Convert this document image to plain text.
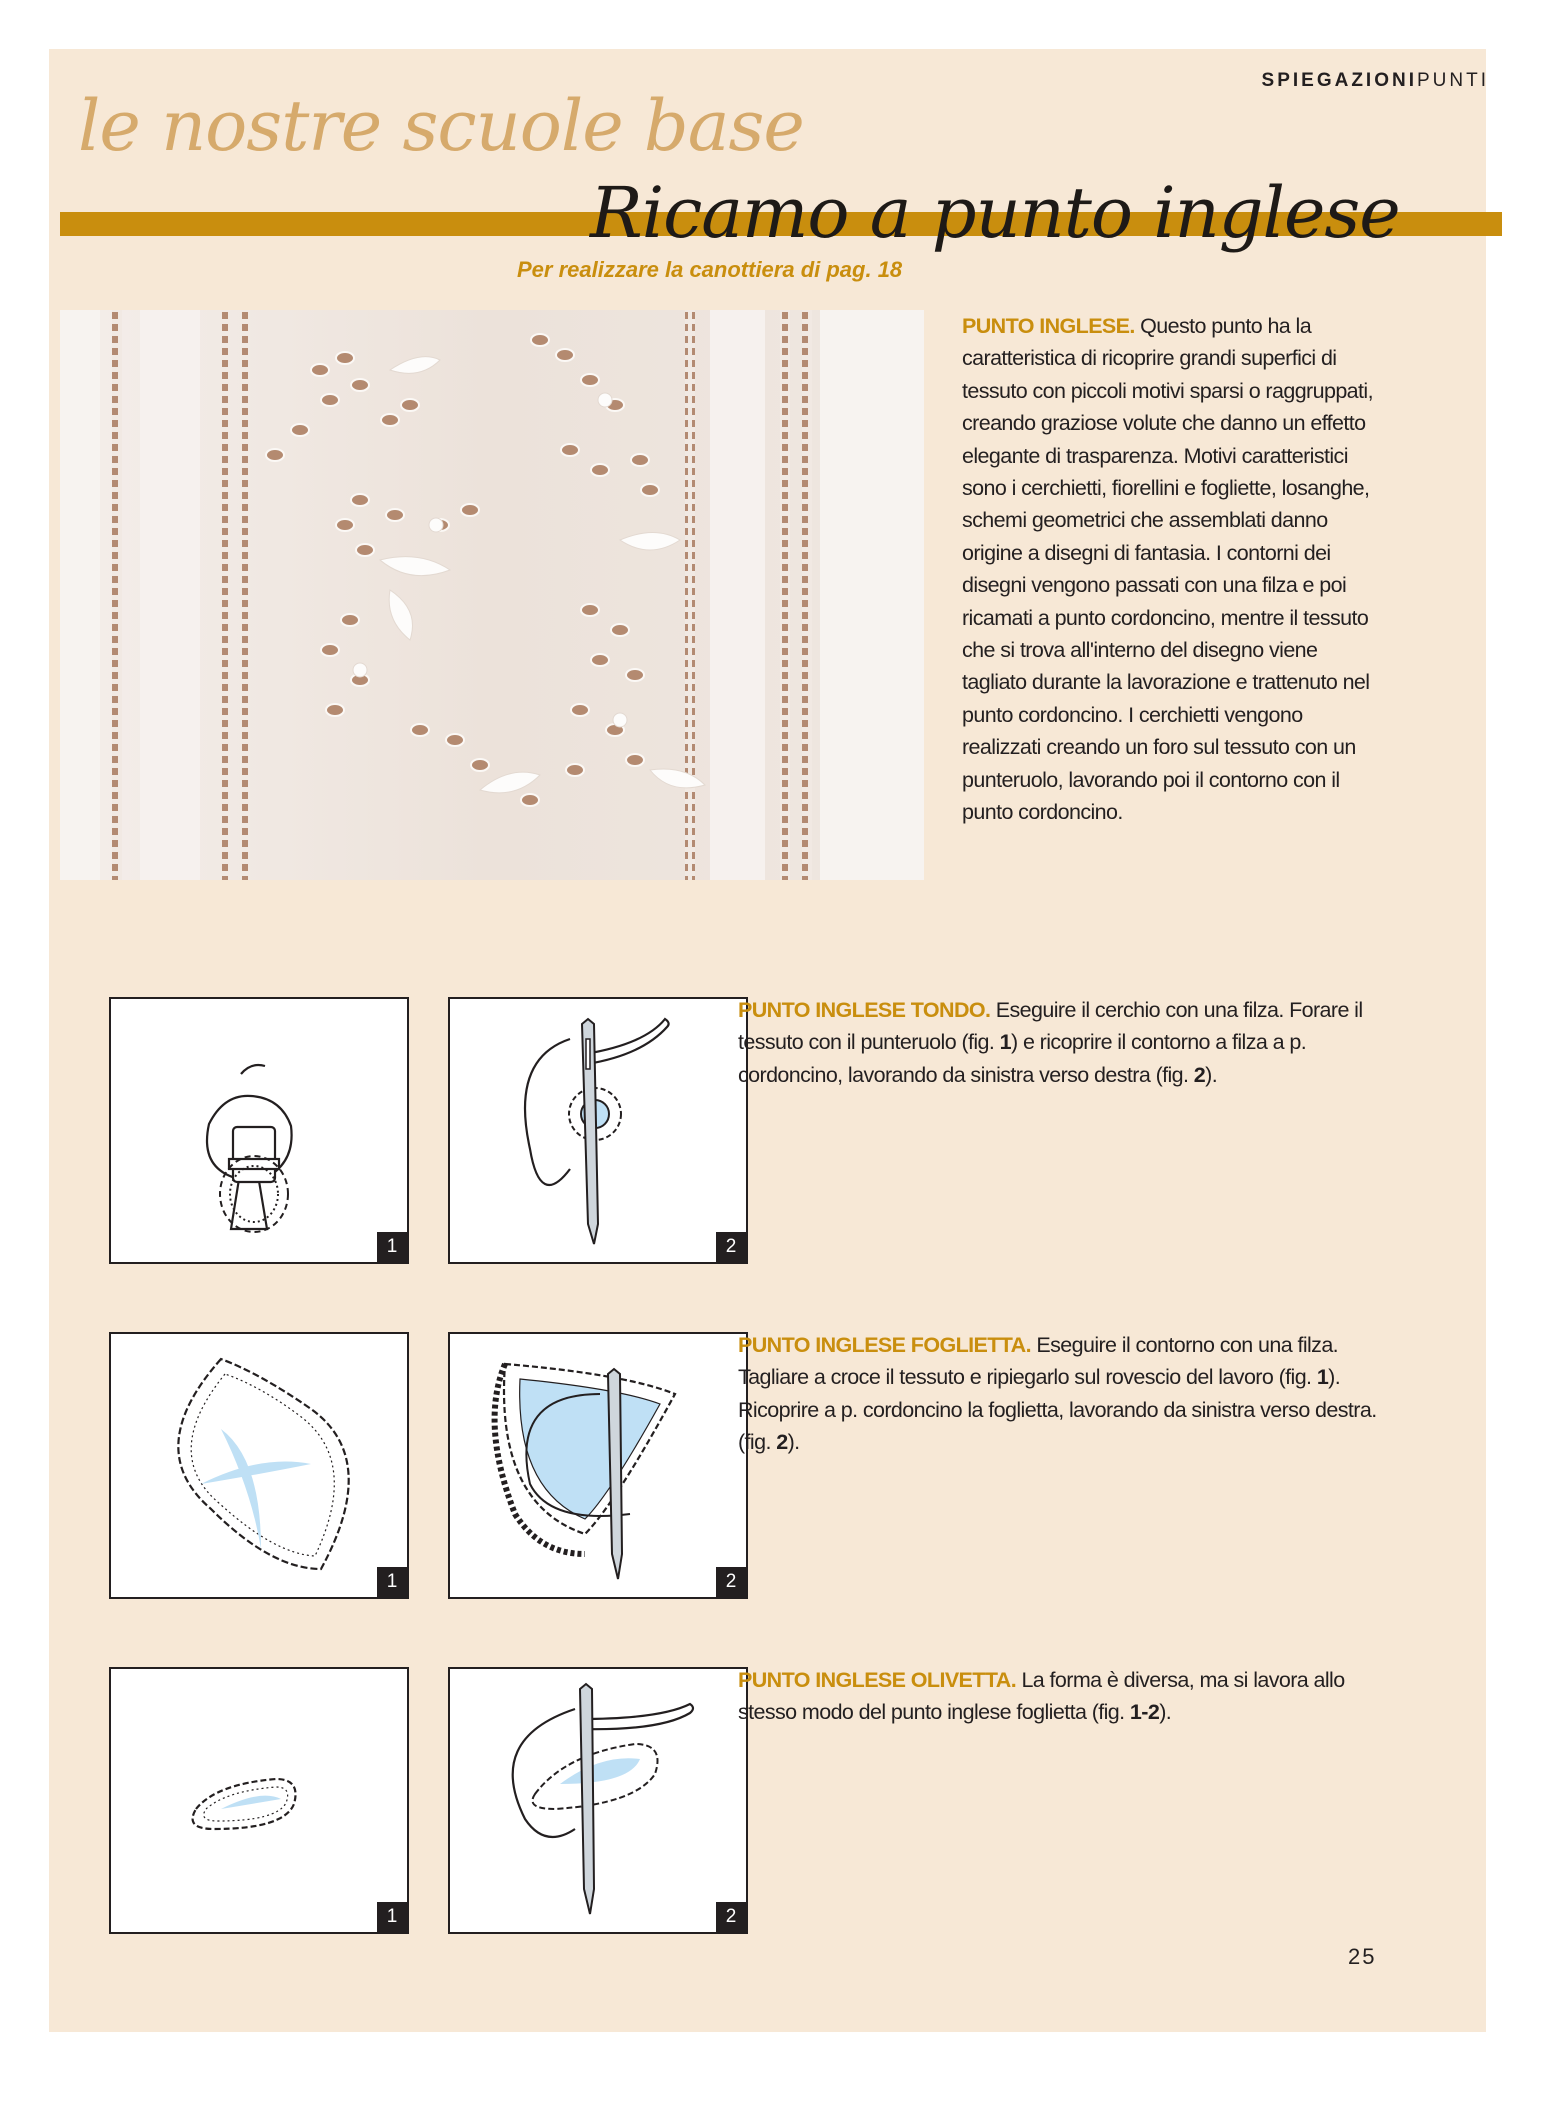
SPIEGAZIONIPUNTI
le nostre scuole base
Ricamo a punto inglese
Per realizzare la canottiera di pag. 18
PUNTO INGLESE. Questo punto ha la caratteristica di ricoprire grandi superfici di tessuto con piccoli motivi sparsi o raggruppati, creando graziose volute che danno un effetto elegante di trasparenza. Motivi caratteristici sono i cerchietti, fiorellini e fogliette, losanghe, schemi geometrici che assemblati danno origine a disegni di fantasia. I contorni dei disegni vengono passati con una filza e poi ricamati a punto cordoncino, mentre il tessuto che si trova all'interno del disegno viene tagliato durante la lavorazione e trattenuto nel punto cordoncino. I cerchietti vengono realizzati creando un foro sul tessuto con un punteruolo, lavorando poi il contorno con il punto cordoncino.
1	2
PUNTO INGLESE TONDO. Eseguire il cerchio con una filza. Forare il tessuto con il punteruolo (fig. 1) e ricoprire il contorno a filza a p. cordoncino, lavorando da sinistra verso destra (fig. 2).
1	2
PUNTO INGLESE FOGLIETTA. Eseguire il contorno con una filza. Tagliare a croce il tessuto e ripiegarlo sul rovescio del lavoro (fig. 1). Ricoprire a p. cordoncino la foglietta, lavorando da sinistra verso destra. (fig. 2).
1	2
PUNTO INGLESE OLIVETTA. La forma è diversa, ma si lavora allo stesso modo del punto inglese foglietta (fig. 1-2).
25
